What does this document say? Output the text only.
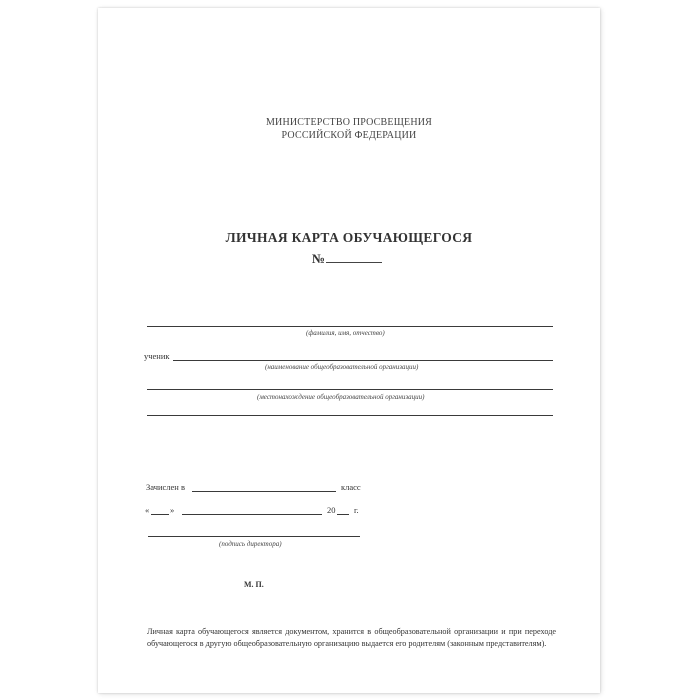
МИНИСТЕРСТВО ПРОСВЕЩЕНИЯ
РОССИЙСКОЙ ФЕДЕРАЦИИ
ЛИЧНАЯ КАРТА ОБУЧАЮЩЕГОСЯ
№
(фамилия, имя, отчество)
ученик
(наименование общеобразовательной организации)
(местонахождение общеобразовательной организации)
Зачислен в	класс
« »	20 г.
(подпись директора)
М. П.
Личная карта обучающегося является документом, хранится в общеобразовательной организации и при переходе обучающегося в другую общеобразовательную организацию выдается его родителям (законным представителям).
